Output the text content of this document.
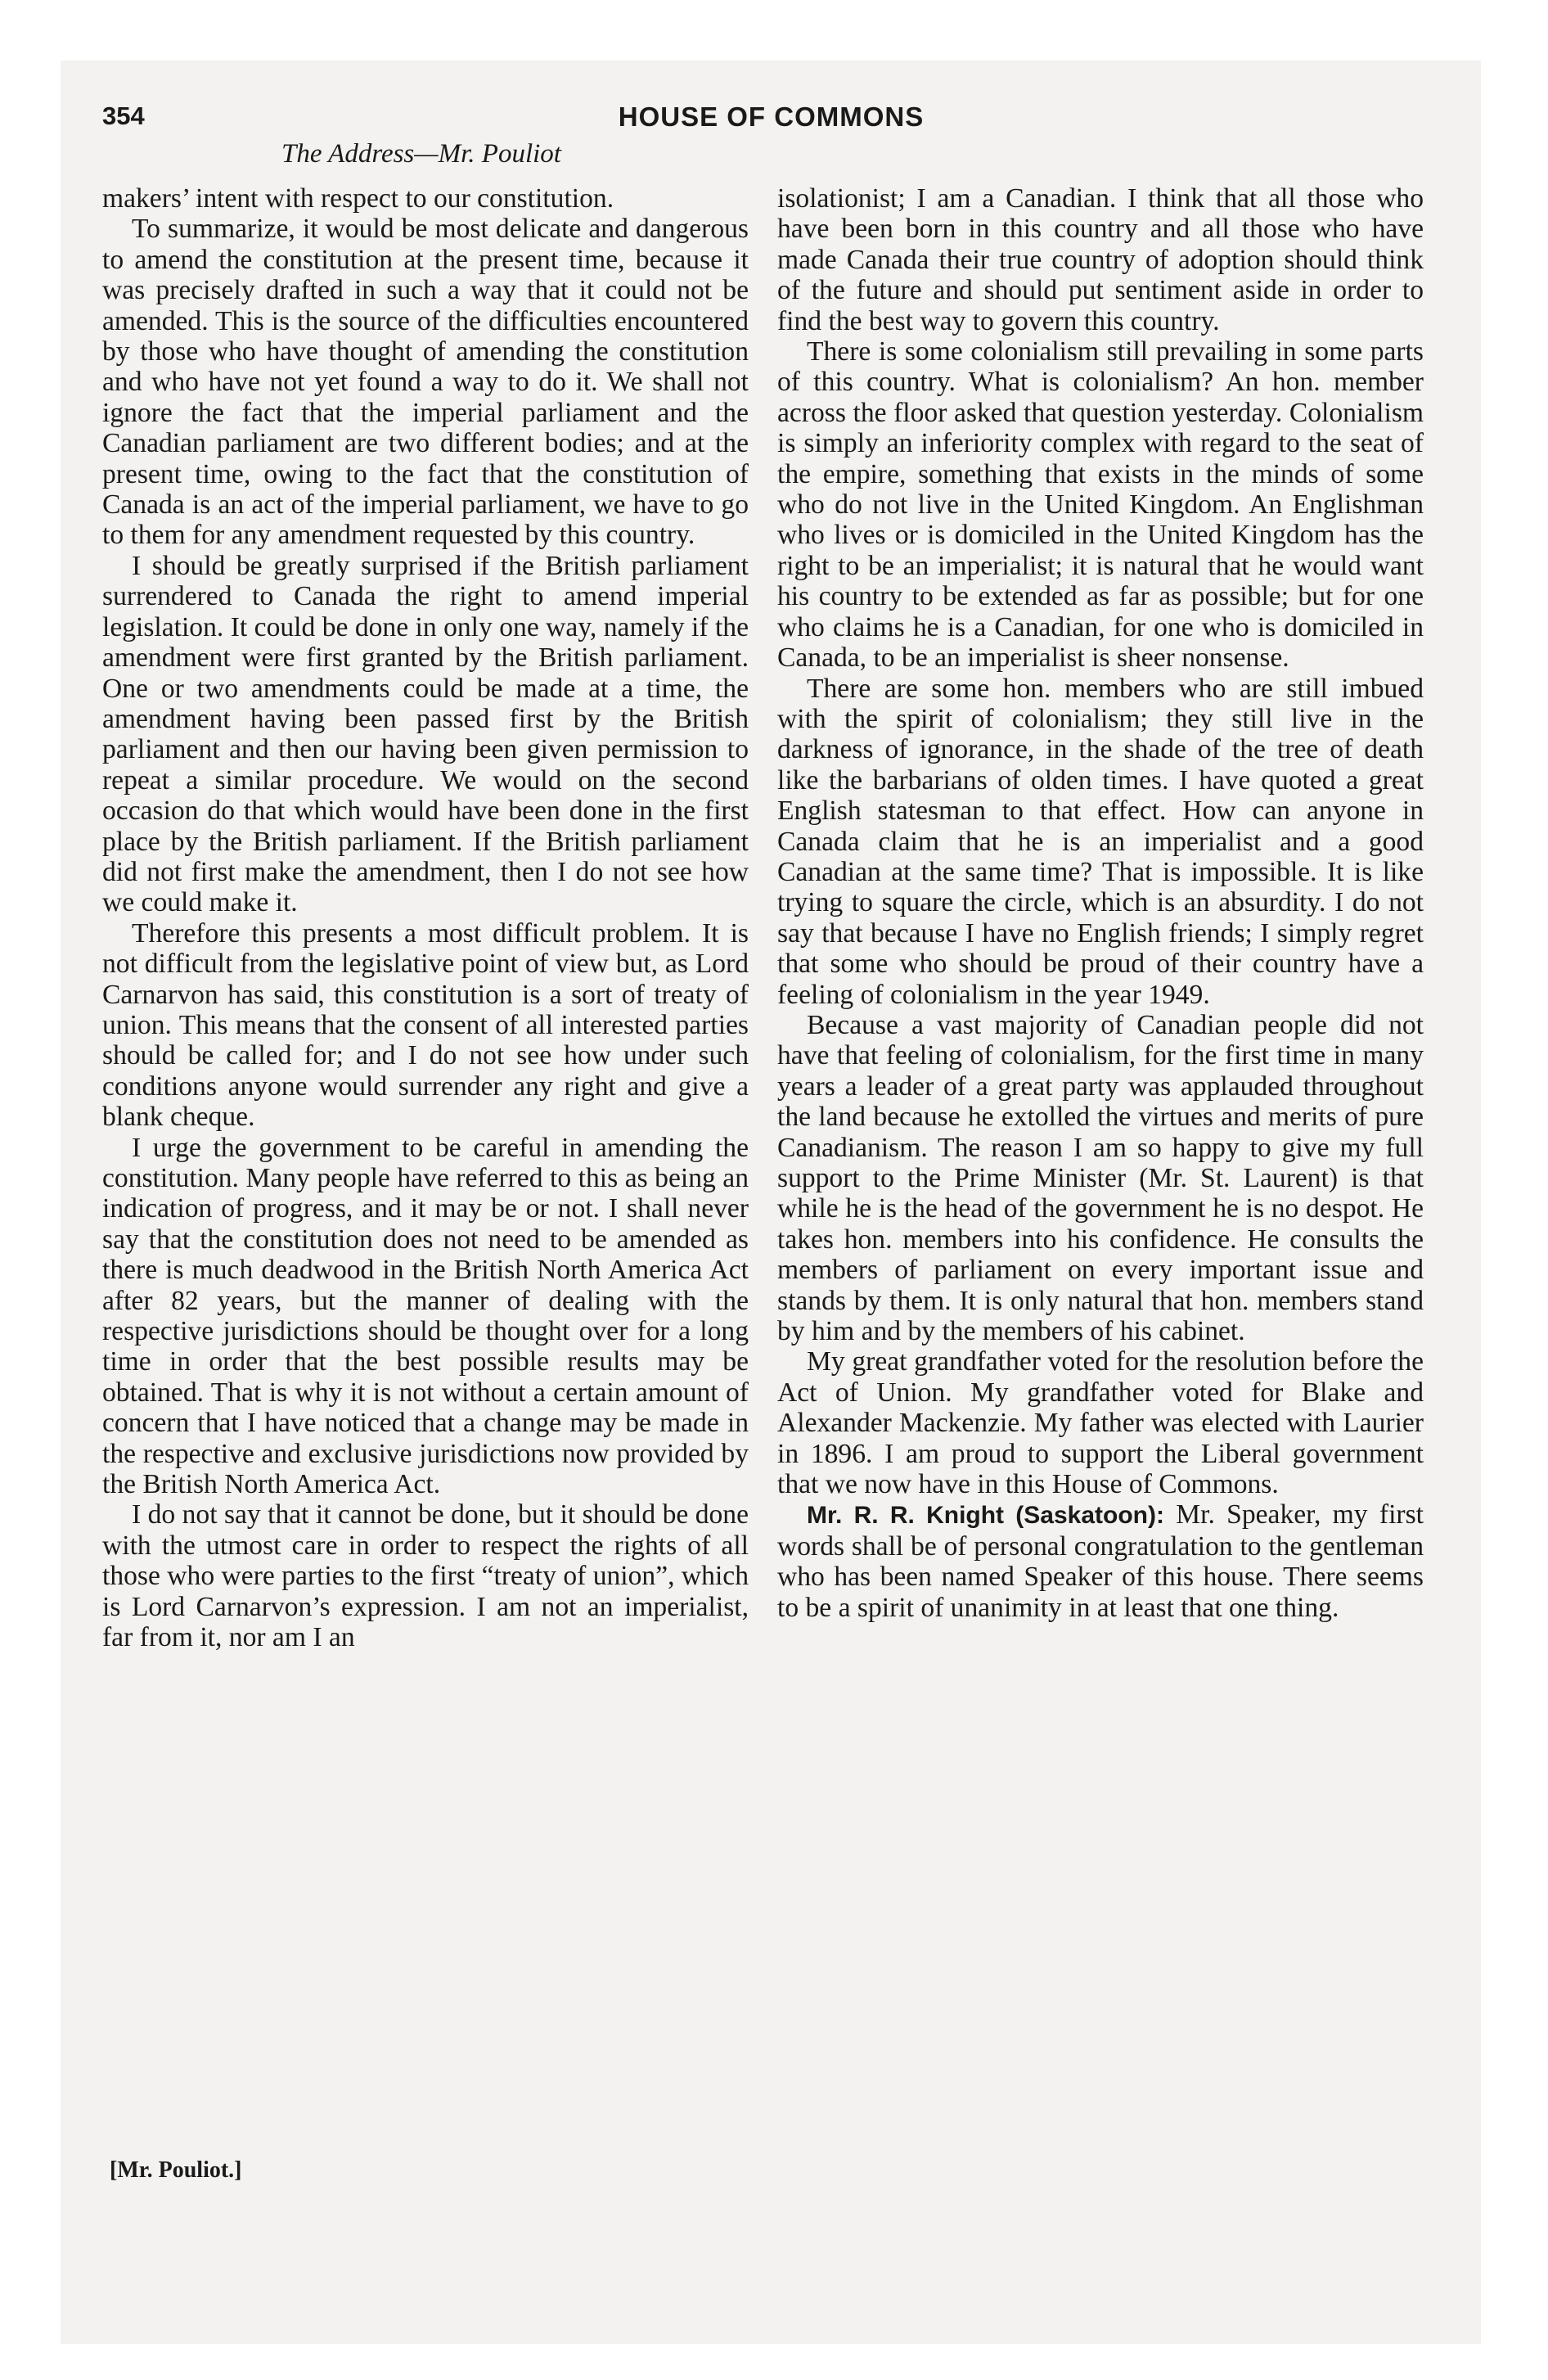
354	HOUSE OF COMMONS
The Address—Mr. Pouliot

makers’ intent with respect to our constitution.

To summarize, it would be most delicate and dangerous to amend the constitution at the present time, because it was precisely drafted in such a way that it could not be amended. This is the source of the difficulties encountered by those who have thought of amending the constitution and who have not yet found a way to do it. We shall not ignore the fact that the imperial parliament and the Canadian parliament are two different bodies; and at the present time, owing to the fact that the constitution of Canada is an act of the imperial parliament, we have to go to them for any amendment requested by this country.

I should be greatly surprised if the British parliament surrendered to Canada the right to amend imperial legislation. It could be done in only one way, namely if the amendment were first granted by the British parliament. One or two amendments could be made at a time, the amendment having been passed first by the British parliament and then our having been given permission to repeat a similar procedure. We would on the second occasion do that which would have been done in the first place by the British parliament. If the British parliament did not first make the amendment, then I do not see how we could make it.

Therefore this presents a most difficult problem. It is not difficult from the legislative point of view but, as Lord Carnarvon has said, this constitution is a sort of treaty of union. This means that the consent of all interested parties should be called for; and I do not see how under such conditions anyone would surrender any right and give a blank cheque.

I urge the government to be careful in amending the constitution. Many people have referred to this as being an indication of progress, and it may be or not. I shall never say that the constitution does not need to be amended as there is much deadwood in the British North America Act after 82 years, but the manner of dealing with the respective jurisdictions should be thought over for a long time in order that the best possible results may be obtained. That is why it is not without a certain amount of concern that I have noticed that a change may be made in the respective and exclusive jurisdictions now provided by the British North America Act.

I do not say that it cannot be done, but it should be done with the utmost care in order to respect the rights of all those who were parties to the first “treaty of union”, which is Lord Carnarvon’s expression. I am not an imperialist, far from it, nor am I an

isolationist; I am a Canadian. I think that all those who have been born in this country and all those who have made Canada their true country of adoption should think of the future and should put sentiment aside in order to find the best way to govern this country.

There is some colonialism still prevailing in some parts of this country. What is colonialism? An hon. member across the floor asked that question yesterday. Colonialism is simply an inferiority complex with regard to the seat of the empire, something that exists in the minds of some who do not live in the United Kingdom. An Englishman who lives or is domiciled in the United Kingdom has the right to be an imperialist; it is natural that he would want his country to be extended as far as possible; but for one who claims he is a Canadian, for one who is domiciled in Canada, to be an imperialist is sheer nonsense.

There are some hon. members who are still imbued with the spirit of colonialism; they still live in the darkness of ignorance, in the shade of the tree of death like the barbarians of olden times. I have quoted a great English statesman to that effect. How can anyone in Canada claim that he is an imperialist and a good Canadian at the same time? That is impossible. It is like trying to square the circle, which is an absurdity. I do not say that because I have no English friends; I simply regret that some who should be proud of their country have a feeling of colonialism in the year 1949.

Because a vast majority of Canadian people did not have that feeling of colonialism, for the first time in many years a leader of a great party was applauded throughout the land because he extolled the virtues and merits of pure Canadianism. The reason I am so happy to give my full support to the Prime Minister (Mr. St. Laurent) is that while he is the head of the government he is no despot. He takes hon. members into his confidence. He consults the members of parliament on every important issue and stands by them. It is only natural that hon. members stand by him and by the members of his cabinet.

My great grandfather voted for the resolution before the Act of Union. My grandfather voted for Blake and Alexander Mackenzie. My father was elected with Laurier in 1896. I am proud to support the Liberal government that we now have in this House of Commons.

Mr. R. R. Knight (Saskatoon): Mr. Speaker, my first words shall be of personal congratulation to the gentleman who has been named Speaker of this house. There seems to be a spirit of unanimity in at least that one thing.

[Mr. Pouliot.]
